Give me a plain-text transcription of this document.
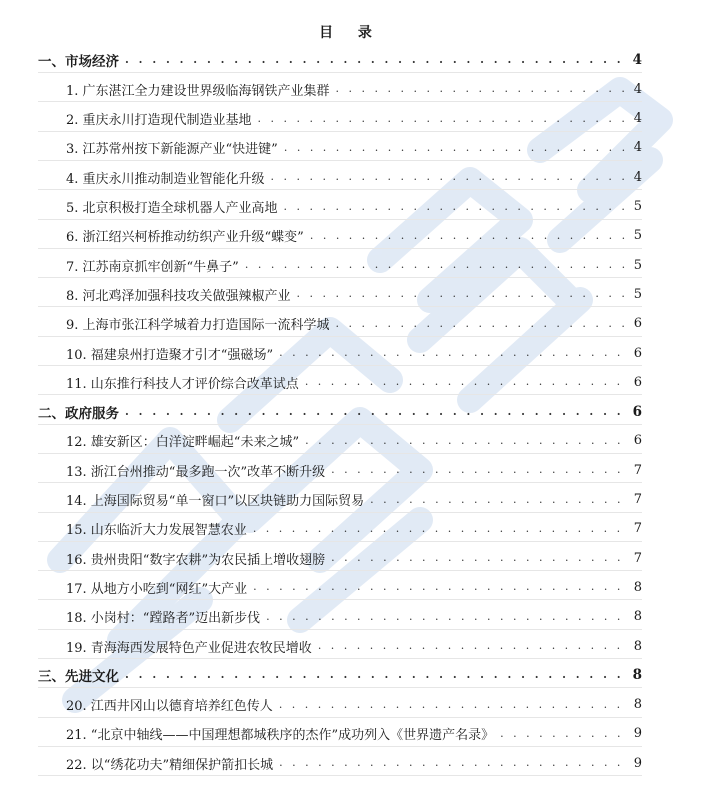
目 录
一、市场经济 . . .	4
1. 广东湛江全力建设世界级临海钢铁产业集群 . . .	4
2. 重庆永川打造现代制造业基地 . . .	4
3. 江苏常州按下新能源产业“快进键” . . .	4
4. 重庆永川推动制造业智能化升级 . . .	4
5. 北京积极打造全球机器人产业高地 . . .	5
6. 浙江绍兴柯桥推动纺织产业升级“蝶变” . . .	5
7. 江苏南京抓牢创新“牛鼻子” . . .	5
8. 河北鸡泽加强科技攻关做强辣椒产业 . . .	5
9. 上海市张江科学城着力打造国际一流科学城 . . .	6
10. 福建泉州打造聚才引才“强磁场” . . .	6
11. 山东推行科技人才评价综合改革试点 . . .	6
二、政府服务 . . .	6
12. 雄安新区：白洋淀畔崛起“未来之城” . . .	6
13. 浙江台州推动“最多跑一次”改革不断升级 . . .	7
14. 上海国际贸易“单一窗口”以区块链助力国际贸易 . . .	7
15. 山东临沂大力发展智慧农业 . . .	7
16. 贵州贵阳“数字农耕”为农民插上增收翅膀 . . .	7
17. 从地方小吃到“网红”大产业 . . .	8
18. 小岗村：“蹚路者”迈出新步伐 . . .	8
19. 青海海西发展特色产业促进农牧民增收 . . .	8
三、先进文化 . . .	8
20. 江西井冈山以德育培养红色传人 . . .	8
21. “北京中轴线——中国理想都城秩序的杰作”成功列入《世界遗产名录》 . . .	9
22. 以“绣花功夫”精细保护箭扣长城 . . .	9
